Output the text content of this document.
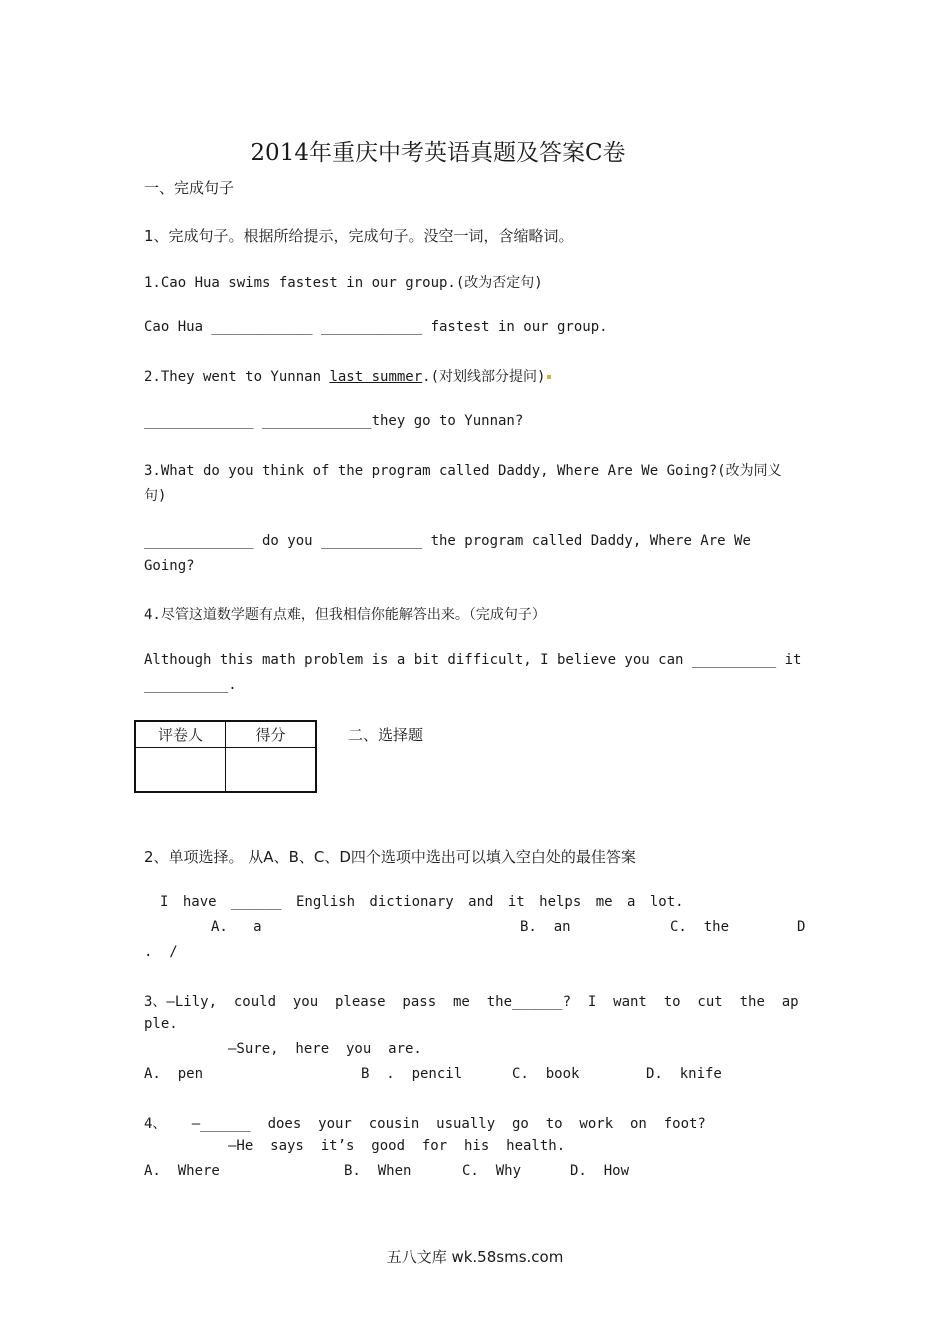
2014年重庆中考英语真题及答案C卷
一、完成句子
1、完成句子。根据所给提示，完成句子。没空一词，含缩略词。
1.Cao Hua swims fastest in our group.(改为否定句)
Cao Hua ____________ ____________ fastest in our group.
2.They went to Yunnan last summer.(对划线部分提问)
_____________ _____________they go to Yunnan?
3.What do you think of the program called Daddy, Where Are We Going?(改为同义
句)
_____________ do you ____________ the program called Daddy, Where Are We
Going?
4.尽管这道数学题有点难，但我相信你能解答出来。（完成句子）
Although this math problem is a bit difficult, I believe you can __________ it
__________.
评卷人	得分
		二、选择题
2、单项选择。 从A、B、C、D四个选项中选出可以填入空白处的最佳答案
I have ______ English dictionary and it helps me a lot.
A.   a	B.  an	C.  the	D
.  /
3、—Lily,  could  you  please  pass  me  the______?  I  want  to  cut  the  ap
ple.
—Sure,  here  you  are.
A.  pen	B  .  pencil	C.  book	D.  knife
4、   —______  does  your  cousin  usually  go  to  work  on  foot?
—He  says  it’s  good  for  his  health.
A.  Where	B.  When	C.  Why	D.  How
五八文库 wk.58sms.com
